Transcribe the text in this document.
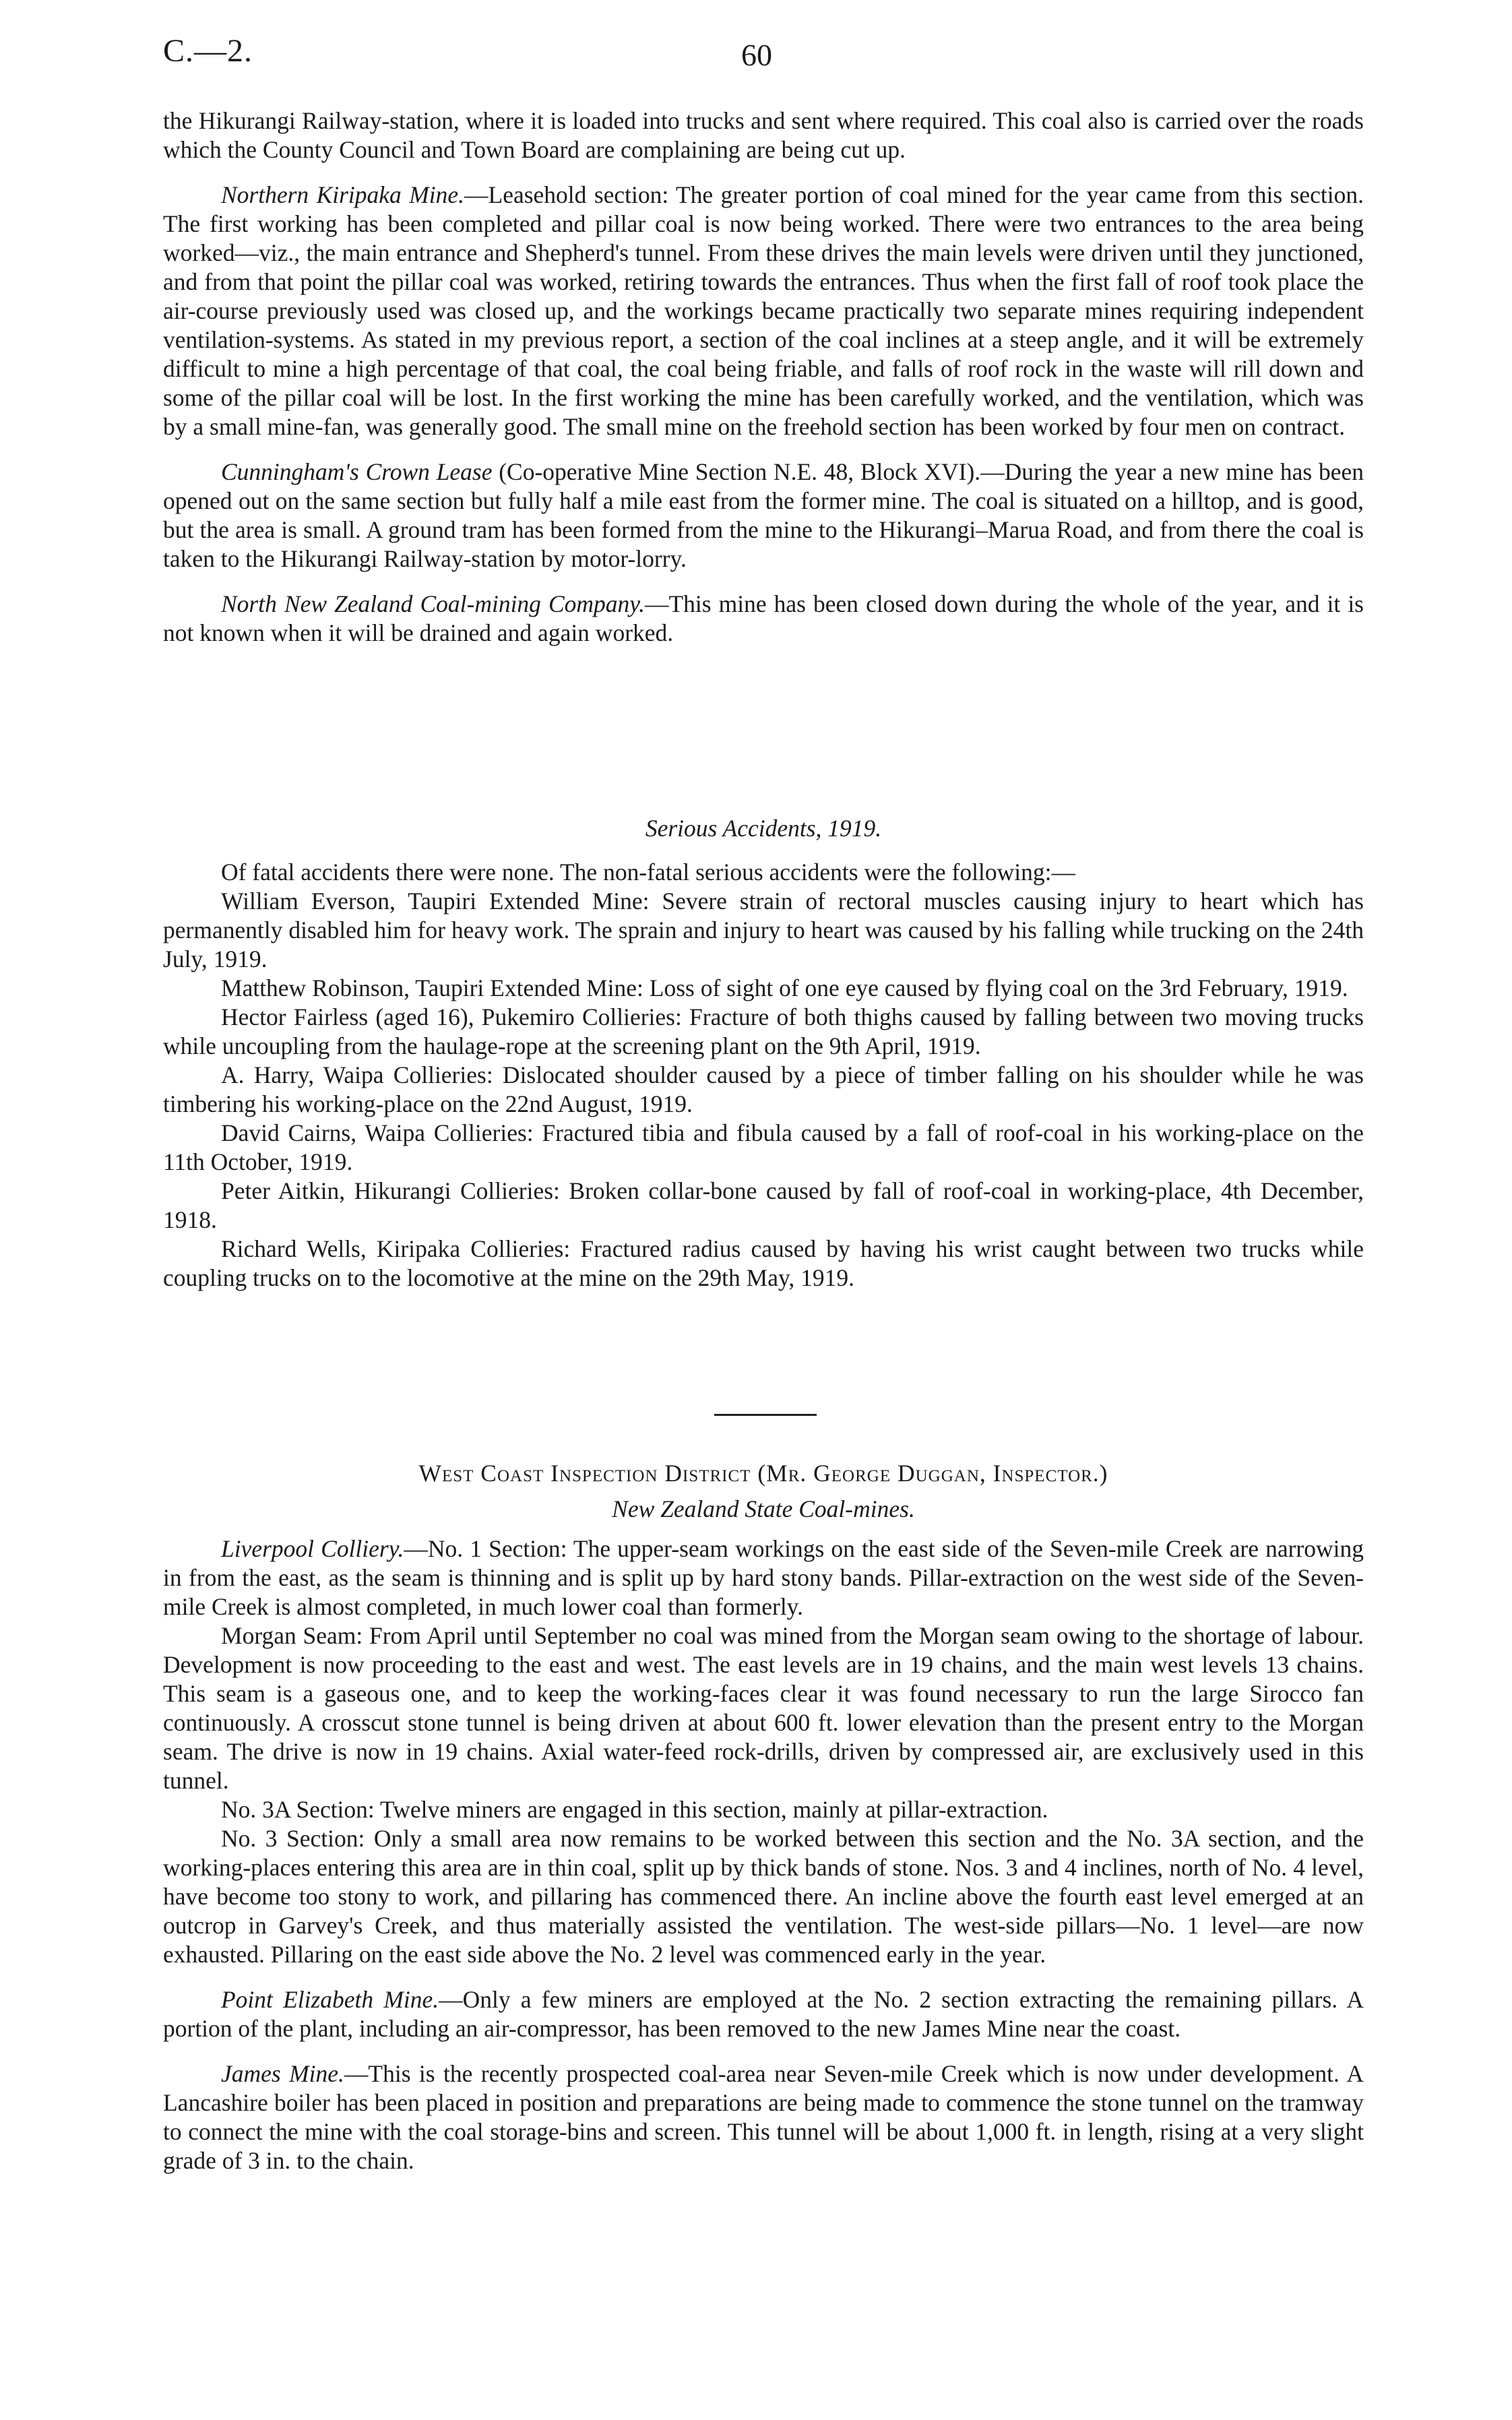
C.—2.	60

the Hikurangi Railway-station, where it is loaded into trucks and sent where required. This coal also is carried over the roads which the County Council and Town Board are complaining are being cut up.

Northern Kiripaka Mine.—Leasehold section: The greater portion of coal mined for the year came from this section. The first working has been completed and pillar coal is now being worked. There were two entrances to the area being worked—viz., the main entrance and Shepherd's tunnel. From these drives the main levels were driven until they junctioned, and from that point the pillar coal was worked, retiring towards the entrances. Thus when the first fall of roof took place the air-course previously used was closed up, and the workings became practically two separate mines requiring independent ventilation-systems. As stated in my previous report, a section of the coal inclines at a steep angle, and it will be extremely difficult to mine a high percentage of that coal, the coal being friable, and falls of roof rock in the waste will rill down and some of the pillar coal will be lost. In the first working the mine has been carefully worked, and the ventilation, which was by a small mine-fan, was generally good. The small mine on the freehold section has been worked by four men on contract.

Cunningham's Crown Lease (Co-operative Mine Section N.E. 48, Block XVI).—During the year a new mine has been opened out on the same section but fully half a mile east from the former mine. The coal is situated on a hilltop, and is good, but the area is small. A ground tram has been formed from the mine to the Hikurangi–Marua Road, and from there the coal is taken to the Hikurangi Railway-station by motor-lorry.

North New Zealand Coal-mining Company.—This mine has been closed down during the whole of the year, and it is not known when it will be drained and again worked.

Serious Accidents, 1919.

Of fatal accidents there were none. The non-fatal serious accidents were the following:—

William Everson, Taupiri Extended Mine: Severe strain of rectoral muscles causing injury to heart which has permanently disabled him for heavy work. The sprain and injury to heart was caused by his falling while trucking on the 24th July, 1919.

Matthew Robinson, Taupiri Extended Mine: Loss of sight of one eye caused by flying coal on the 3rd February, 1919.

Hector Fairless (aged 16), Pukemiro Collieries: Fracture of both thighs caused by falling between two moving trucks while uncoupling from the haulage-rope at the screening plant on the 9th April, 1919.

A. Harry, Waipa Collieries: Dislocated shoulder caused by a piece of timber falling on his shoulder while he was timbering his working-place on the 22nd August, 1919.

David Cairns, Waipa Collieries: Fractured tibia and fibula caused by a fall of roof-coal in his working-place on the 11th October, 1919.

Peter Aitkin, Hikurangi Collieries: Broken collar-bone caused by fall of roof-coal in working-place, 4th December, 1918.

Richard Wells, Kiripaka Collieries: Fractured radius caused by having his wrist caught between two trucks while coupling trucks on to the locomotive at the mine on the 29th May, 1919.

West Coast Inspection District (Mr. George Duggan, Inspector.)

New Zealand State Coal-mines.

Liverpool Colliery.—No. 1 Section: The upper-seam workings on the east side of the Seven-mile Creek are narrowing in from the east, as the seam is thinning and is split up by hard stony bands. Pillar-extraction on the west side of the Seven-mile Creek is almost completed, in much lower coal than formerly.

Morgan Seam: From April until September no coal was mined from the Morgan seam owing to the shortage of labour. Development is now proceeding to the east and west. The east levels are in 19 chains, and the main west levels 13 chains. This seam is a gaseous one, and to keep the working-faces clear it was found necessary to run the large Sirocco fan continuously. A crosscut stone tunnel is being driven at about 600 ft. lower elevation than the present entry to the Morgan seam. The drive is now in 19 chains. Axial water-feed rock-drills, driven by compressed air, are exclusively used in this tunnel.

No. 3A Section: Twelve miners are engaged in this section, mainly at pillar-extraction.

No. 3 Section: Only a small area now remains to be worked between this section and the No. 3A section, and the working-places entering this area are in thin coal, split up by thick bands of stone. Nos. 3 and 4 inclines, north of No. 4 level, have become too stony to work, and pillaring has commenced there. An incline above the fourth east level emerged at an outcrop in Garvey's Creek, and thus materially assisted the ventilation. The west-side pillars—No. 1 level—are now exhausted. Pillaring on the east side above the No. 2 level was commenced early in the year.

Point Elizabeth Mine.—Only a few miners are employed at the No. 2 section extracting the remaining pillars. A portion of the plant, including an air-compressor, has been removed to the new James Mine near the coast.

James Mine.—This is the recently prospected coal-area near Seven-mile Creek which is now under development. A Lancashire boiler has been placed in position and preparations are being made to commence the stone tunnel on the tramway to connect the mine with the coal storage-bins and screen. This tunnel will be about 1,000 ft. in length, rising at a very slight grade of 3 in. to the chain.
